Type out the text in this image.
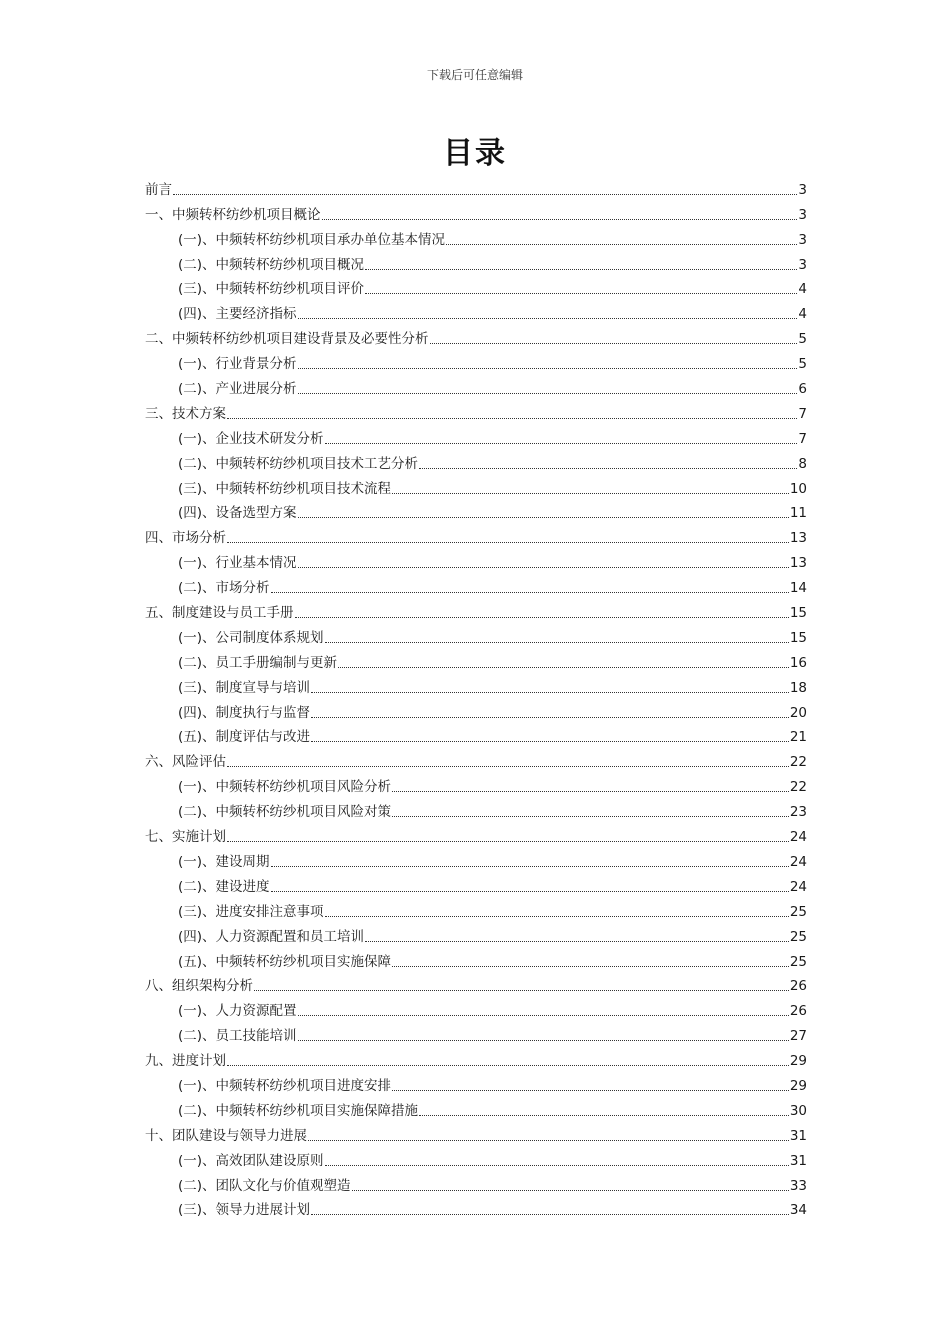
下载后可任意编辑
目录
前言	3
一、中频转杯纺纱机项目概论	3
(一)、中频转杯纺纱机项目承办单位基本情况	3
(二)、中频转杯纺纱机项目概况	3
(三)、中频转杯纺纱机项目评价	4
(四)、主要经济指标	4
二、中频转杯纺纱机项目建设背景及必要性分析	5
(一)、行业背景分析	5
(二)、产业进展分析	6
三、技术方案	7
(一)、企业技术研发分析	7
(二)、中频转杯纺纱机项目技术工艺分析	8
(三)、中频转杯纺纱机项目技术流程	10
(四)、设备选型方案	11
四、市场分析	13
(一)、行业基本情况	13
(二)、市场分析	14
五、制度建设与员工手册	15
(一)、公司制度体系规划	15
(二)、员工手册编制与更新	16
(三)、制度宣导与培训	18
(四)、制度执行与监督	20
(五)、制度评估与改进	21
六、风险评估	22
(一)、中频转杯纺纱机项目风险分析	22
(二)、中频转杯纺纱机项目风险对策	23
七、实施计划	24
(一)、建设周期	24
(二)、建设进度	24
(三)、进度安排注意事项	25
(四)、人力资源配置和员工培训	25
(五)、中频转杯纺纱机项目实施保障	25
八、组织架构分析	26
(一)、人力资源配置	26
(二)、员工技能培训	27
九、进度计划	29
(一)、中频转杯纺纱机项目进度安排	29
(二)、中频转杯纺纱机项目实施保障措施	30
十、团队建设与领导力进展	31
(一)、高效团队建设原则	31
(二)、团队文化与价值观塑造	33
(三)、领导力进展计划	34
